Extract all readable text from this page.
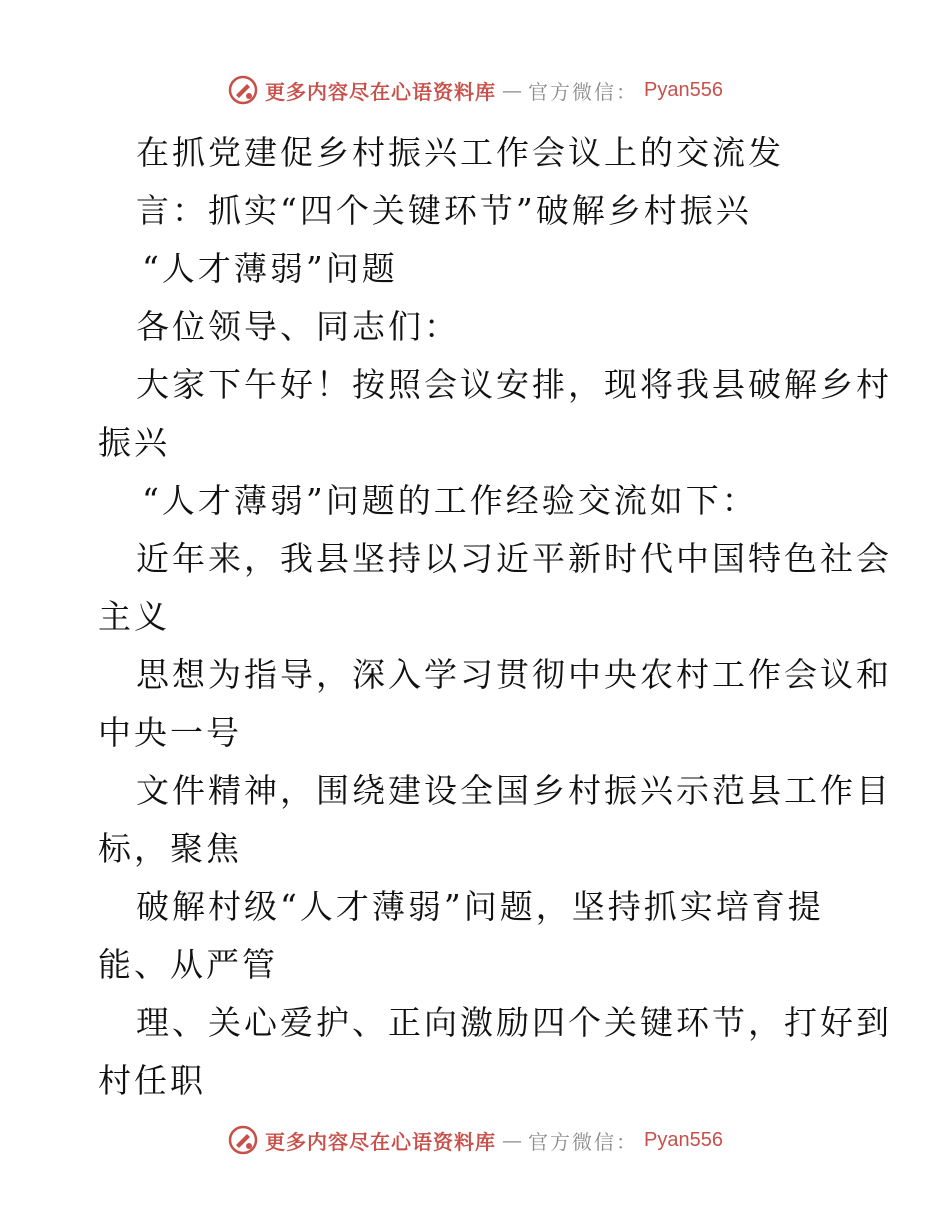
更多内容尽在心语资料库 — 官方微信： Pyan556
在抓党建促乡村振兴工作会议上的交流发
言：抓实“四个关键环节”破解乡村振兴
“人才薄弱”问题
各位领导、同志们：
大家下午好！按照会议安排，现将我县破解乡村
振兴
“人才薄弱”问题的工作经验交流如下：
近年来，我县坚持以习近平新时代中国特色社会
主义
思想为指导，深入学习贯彻中央农村工作会议和
中央一号
文件精神，围绕建设全国乡村振兴示范县工作目
标，聚焦
破解村级“人才薄弱”问题，坚持抓实培育提
能、从严管
理、关心爱护、正向激励四个关键环节，打好到
村任职
更多内容尽在心语资料库 — 官方微信： Pyan556
